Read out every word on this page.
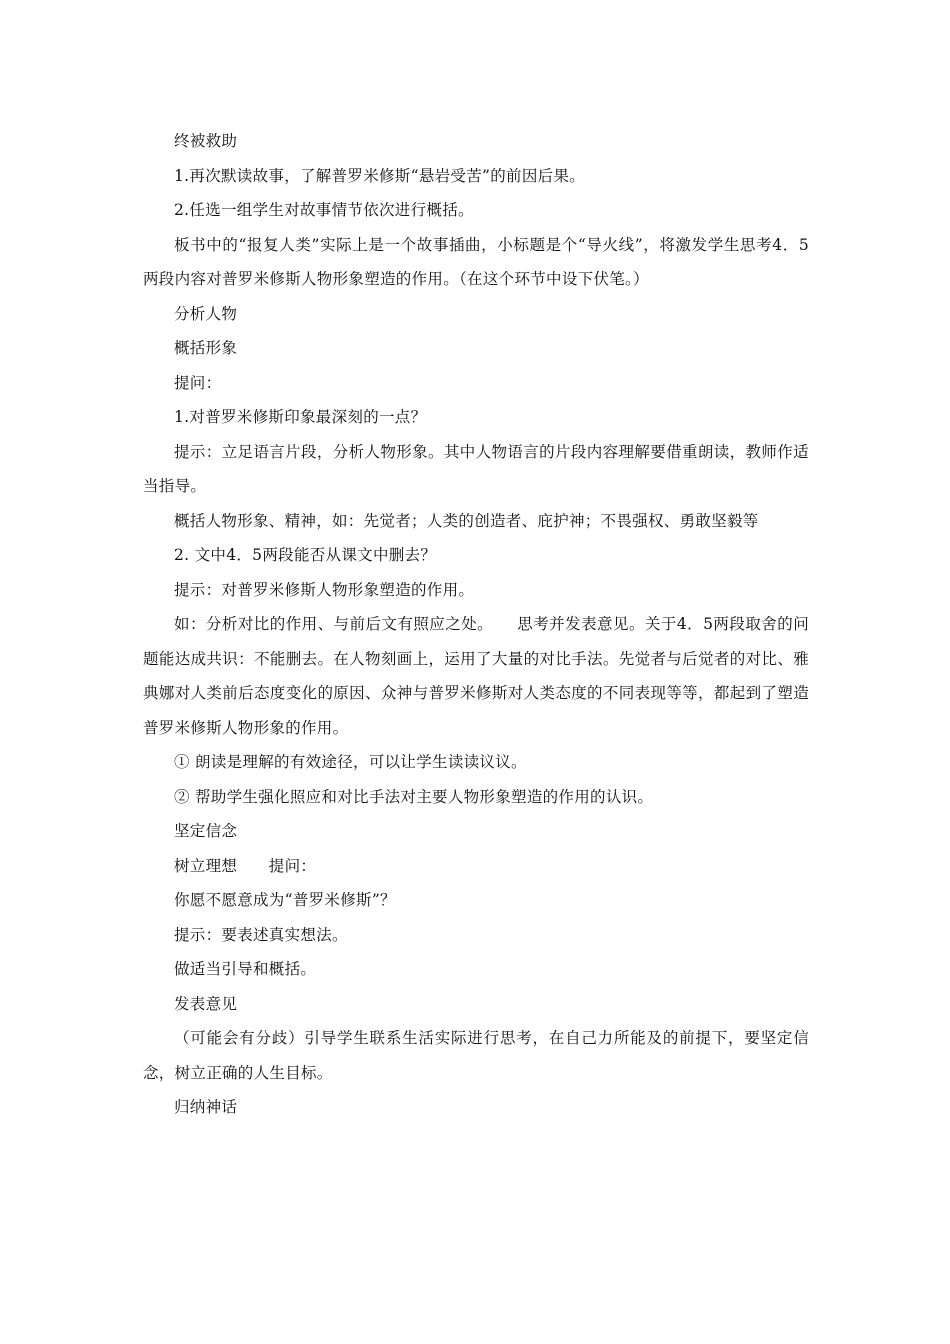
终被救助

1.再次默读故事，了解普罗米修斯“悬岩受苦”的前因后果。

2.任选一组学生对故事情节依次进行概括。

板书中的“报复人类”实际上是一个故事插曲，小标题是个“导火线”，将激发学生思考4．5两段内容对普罗米修斯人物形象塑造的作用。（在这个环节中设下伏笔。）

分析人物

概括形象

提问：

1.对普罗米修斯印象最深刻的一点？

提示：立足语言片段，分析人物形象。其中人物语言的片段内容理解要借重朗读，教师作适当指导。

概括人物形象、精神，如：先觉者；人类的创造者、庇护神；不畏强权、勇敢坚毅等

2. 文中4．5两段能否从课文中删去？

提示：对普罗米修斯人物形象塑造的作用。

如：分析对比的作用、与前后文有照应之处。　　思考并发表意见。关于4．5两段取舍的问题能达成共识：不能删去。在人物刻画上，运用了大量的对比手法。先觉者与后觉者的对比、雅典娜对人类前后态度变化的原因、众神与普罗米修斯对人类态度的不同表现等等，都起到了塑造普罗米修斯人物形象的作用。

① 朗读是理解的有效途径，可以让学生读读议议。

② 帮助学生强化照应和对比手法对主要人物形象塑造的作用的认识。

坚定信念

树立理想　　提问：

你愿不愿意成为“普罗米修斯”？

提示：要表述真实想法。

做适当引导和概括。

发表意见

（可能会有分歧）引导学生联系生活实际进行思考，在自己力所能及的前提下，要坚定信念，树立正确的人生目标。

归纳神话
